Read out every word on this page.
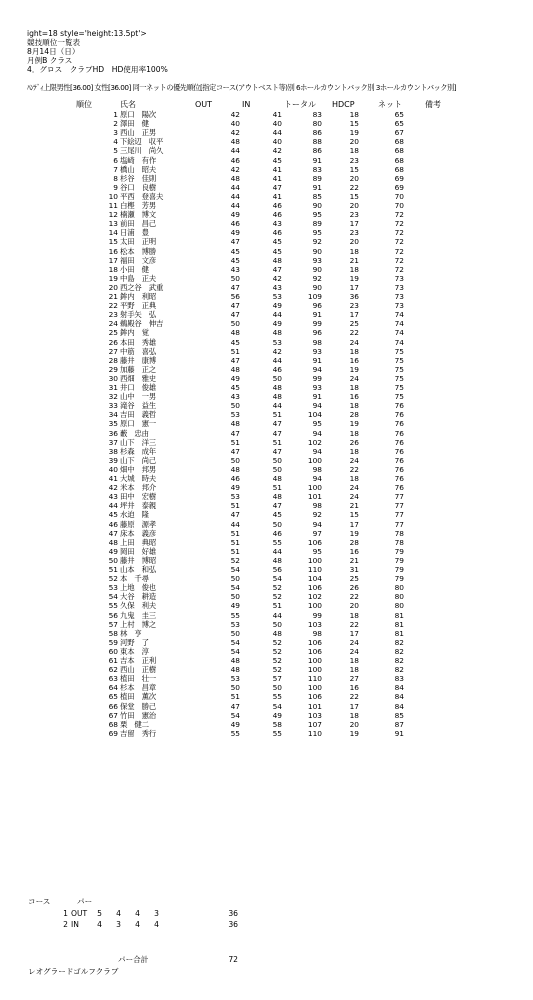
ight=18 style='height:13.5pt'>
競技順位一覧表
8月14日（日）
月例B クラス
4．グロス　クラブHD　HD使用率100%
ﾊﾝﾃﾞｨ上限男性[36.00] 女性[36.00] 同一ネットの優先順位[指定コース(アウトベスト等)別 6ホールカウントバック別 3ホールカウントバック別]
順位	氏名	OUT	IN	トータル HDCP	ネット	備考
1 原口　陽次	42	41	83	18	65
2 澤田　健	40	40	80	15	65
3 西山　正男	42	44	86	19	67
4 下絵辺　収平	48	40	88	20	68
5 三尾川　尚久	44	42	86	18	68
6 塩崎　有作	46	45	91	23	68
7 橋山　昭夫	42	41	83	15	68
8 杉谷　佳則	48	41	89	20	69
9 谷口　良樹	44	47	91	22	69
10 平西　登喜夫	44	41	85	15	70
11 白樫　芳男	44	46	90	20	70
12 楠瀬　博文	49	46	95	23	72
13 前田　昌己	46	43	89	17	72
14 日浦　豊	49	46	95	23	72
15 太田　正明	47	45	92	20	72
16 松本　博勝	45	45	90	18	72
17 福田　文彦	45	48	93	21	72
18 小田　健	43	47	90	18	72
19 中島　正夫	50	42	92	19	73
20 西之谷　武重	47	43	90	17	73
21 鉾内　利昭	56	53	109	36	73
22 平野　正典	47	49	96	23	73
23 射手矢　弘	47	44	91	17	74
24 鵜殿谷　伸吉	50	49	99	25	74
25 鉾内　覚	48	48	96	22	74
26 本田　秀雄	45	53	98	24	74
27 中筋　喜弘	51	42	93	18	75
28 藤井　康博	47	44	91	16	75
29 加藤　正之	48	46	94	19	75
30 西畑　雅史	49	50	99	24	75
31 井口　俊雄	45	48	93	18	75
32 山中　一男	43	48	91	16	75
33 滝谷　益生	50	44	94	18	76
34 吉田　義哲	53	51	104	28	76
35 原口　憲一	48	47	95	19	76
36 藪　忠由	47	47	94	18	76
37 山下　洋三	51	51	102	26	76
38 杉森　成年	47	47	94	18	76
39 山下　尚己	50	50	100	24	76
40 畑中　邦男	48	50	98	22	76
41 大城　時夫	46	48	94	18	76
42 米本　邦介	49	51	100	24	76
43 田中　宏樹	53	48	101	24	77
44 坪井　泰親	51	47	98	21	77
45 水迫　隆	47	45	92	15	77
46 藤原　源孝	44	50	94	17	77
47 床本　義彦	51	46	97	19	78
48 上田　典昭	51	55	106	28	78
49 岡田　好雄	51	44	95	16	79
50 藤井　博昭	52	48	100	21	79
51 山本　和弘	54	56	110	31	79
52 本　千尋	50	54	104	25	79
53 上地　俊也	54	52	106	26	80
54 大谷　耕造	50	52	102	22	80
55 久保　利夫	49	51	100	20	80
56 九鬼　圭三	55	44	99	18	81
57 上村　博之	53	50	103	22	81
58 林　亨	50	48	98	17	81
59 河野　了	54	52	106	24	82
60 東本　淳	54	52	106	24	82
61 吉本　正利	48	52	100	18	82
62 西山　正樹	48	52	100	18	82
63 植田　壮一	53	57	110	27	83
64 杉本　昌章	50	50	100	16	84
65 植田　薫次	51	55	106	22	84
66 保堂　勝己	47	54	101	17	84
67 竹田　憲治	54	49	103	18	85
68 栗　健二	49	58	107	20	87
69 吉留　秀行	55	55	110	19	91
コース	パー
1 OUT	5	4	4	3	36
2 IN	4	3	4	4	36
パー合計	72
レオグラードゴルフクラブ
